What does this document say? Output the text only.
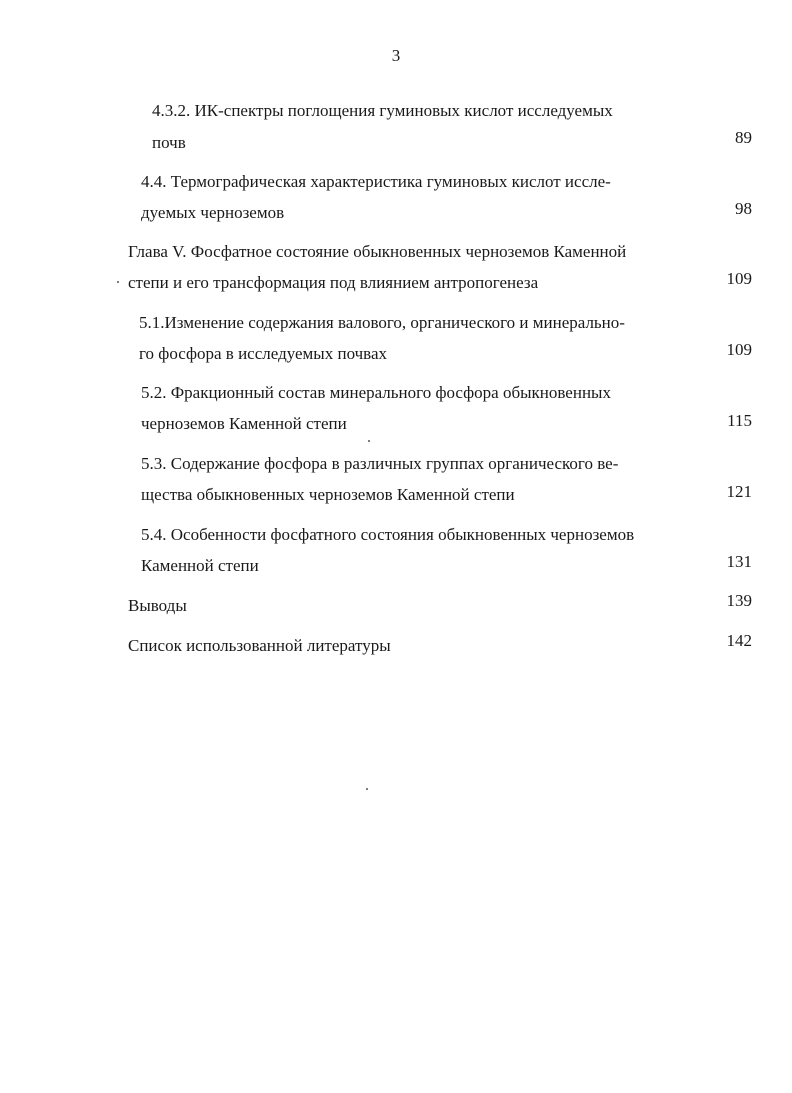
3
4.3.2. ИК-спектры поглощения гуминовых кислот исследуемых
почв	89
4.4. Термографическая характеристика гуминовых кислот иссле-
дуемых черноземов	98
Глава V. Фосфатное состояние обыкновенных черноземов Каменной
степи и его трансформация под влиянием антропогенеза	109
5.1.Изменение содержания валового, органического и минерально-
го фосфора в исследуемых почвах	109
5.2. Фракционный состав минерального фосфора обыкновенных
черноземов Каменной степи	115
5.3. Содержание фосфора в различных группах органического ве-
щества обыкновенных черноземов Каменной степи	121
5.4. Особенности фосфатного состояния обыкновенных черноземов
Каменной степи	131
Выводы	139
Список использованной литературы	142
